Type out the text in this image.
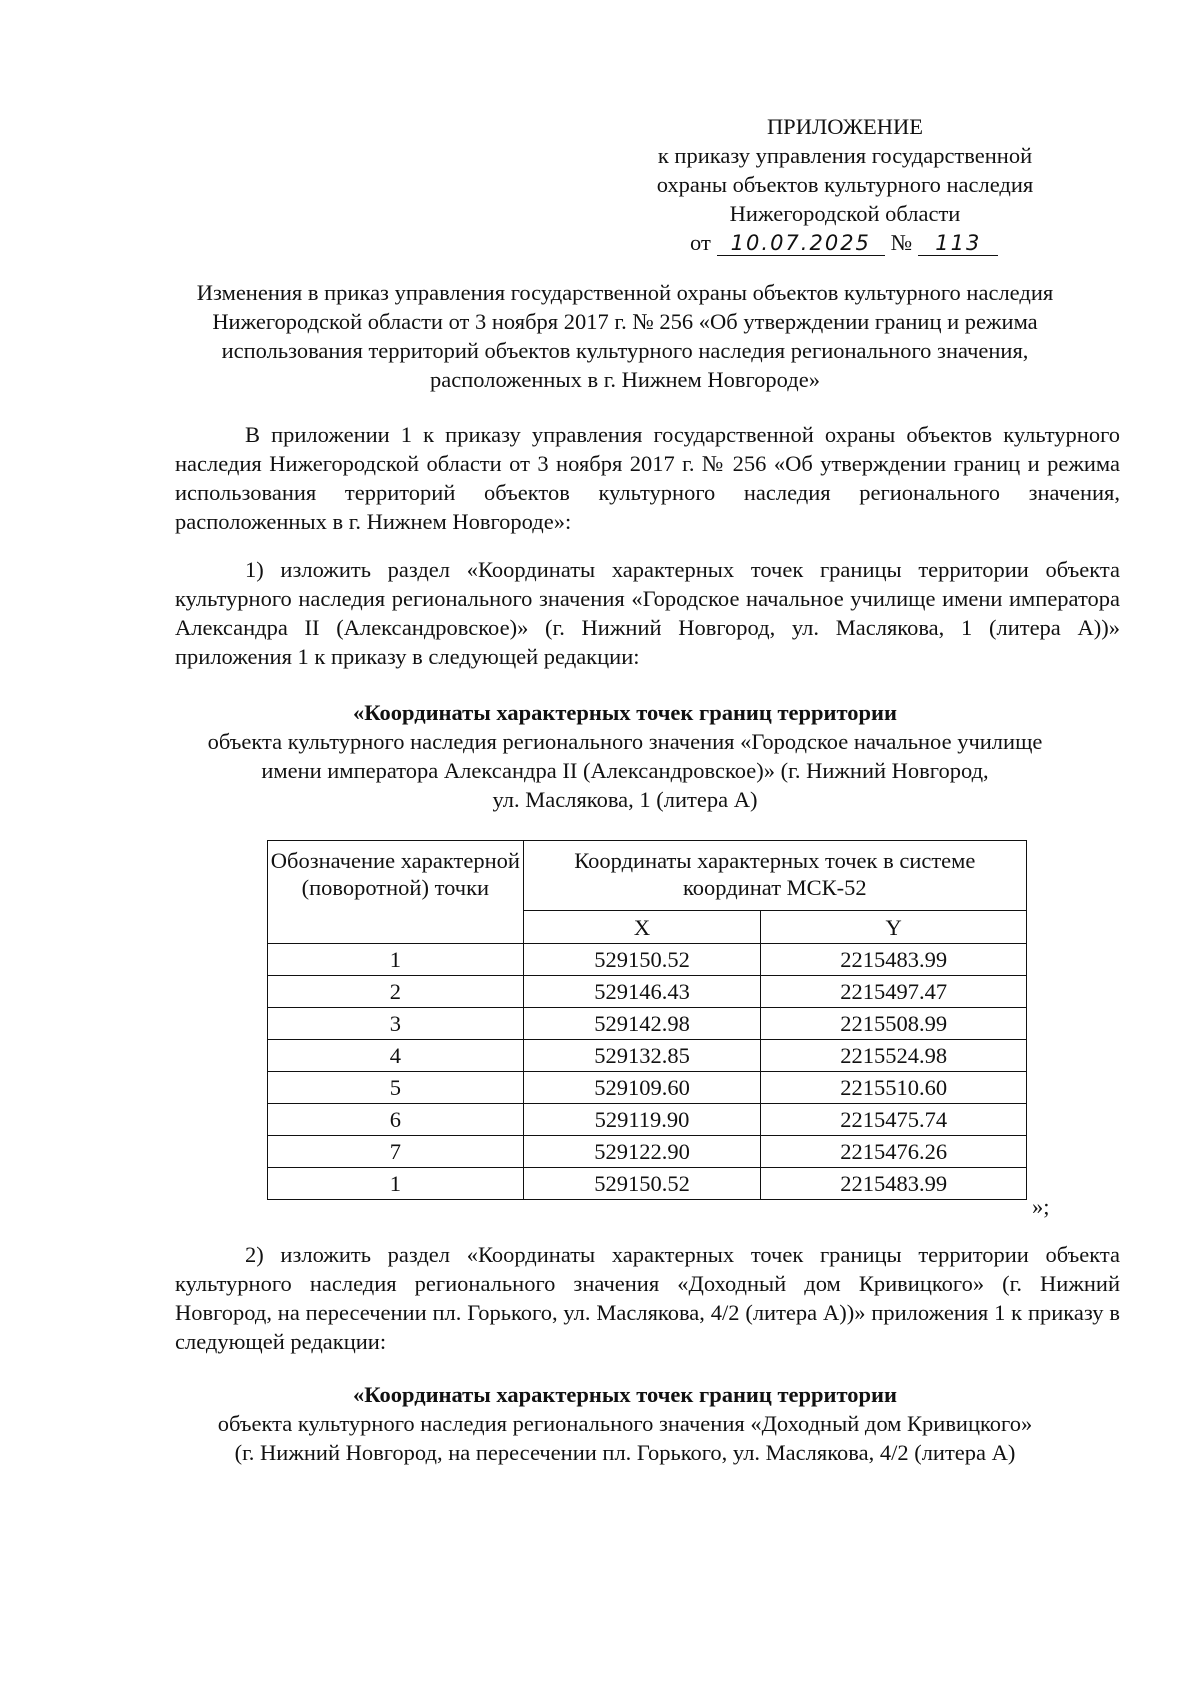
ПРИЛОЖЕНИЕ
к приказу управления государственной
охраны объектов культурного наследия
Нижегородской области
от 10.07.2025 № 113
Изменения в приказ управления государственной охраны объектов культурного наследия
Нижегородской области от 3 ноября 2017 г. № 256 «Об утверждении границ и режима
использования территорий объектов культурного наследия регионального значения,
расположенных в г. Нижнем Новгороде»
В приложении 1 к приказу управления государственной охраны объектов культурного наследия Нижегородской области от 3 ноября 2017 г. № 256 «Об утверждении границ и режима использования территорий объектов культурного наследия регионального значения, расположенных в г. Нижнем Новгороде»:
1) изложить раздел «Координаты характерных точек границы территории объекта культурного наследия регионального значения «Городское начальное училище имени императора Александра II (Александровское)» (г. Нижний Новгород, ул. Маслякова, 1 (литера А))» приложения 1 к приказу в следующей редакции:
«Координаты характерных точек границ территории
объекта культурного наследия регионального значения «Городское начальное училище
имени императора Александра II (Александровское)» (г. Нижний Новгород,
ул. Маслякова, 1 (литера А)
Обозначение характерной (поворотной) точки	Координаты характерных точек в системе координат МСК-52	
	X	Y
1	529150.52	2215483.99
2	529146.43	2215497.47
3	529142.98	2215508.99
4	529132.85	2215524.98
5	529109.60	2215510.60
6	529119.90	2215475.74
7	529122.90	2215476.26
1	529150.52	2215483.99
»;
2) изложить раздел «Координаты характерных точек границы территории объекта культурного наследия регионального значения «Доходный дом Кривицкого» (г. Нижний Новгород, на пересечении пл. Горького, ул. Маслякова, 4/2 (литера А))» приложения 1 к приказу в следующей редакции:
«Координаты характерных точек границ территории
объекта культурного наследия регионального значения «Доходный дом Кривицкого»
(г. Нижний Новгород, на пересечении пл. Горького, ул. Маслякова, 4/2 (литера А)
